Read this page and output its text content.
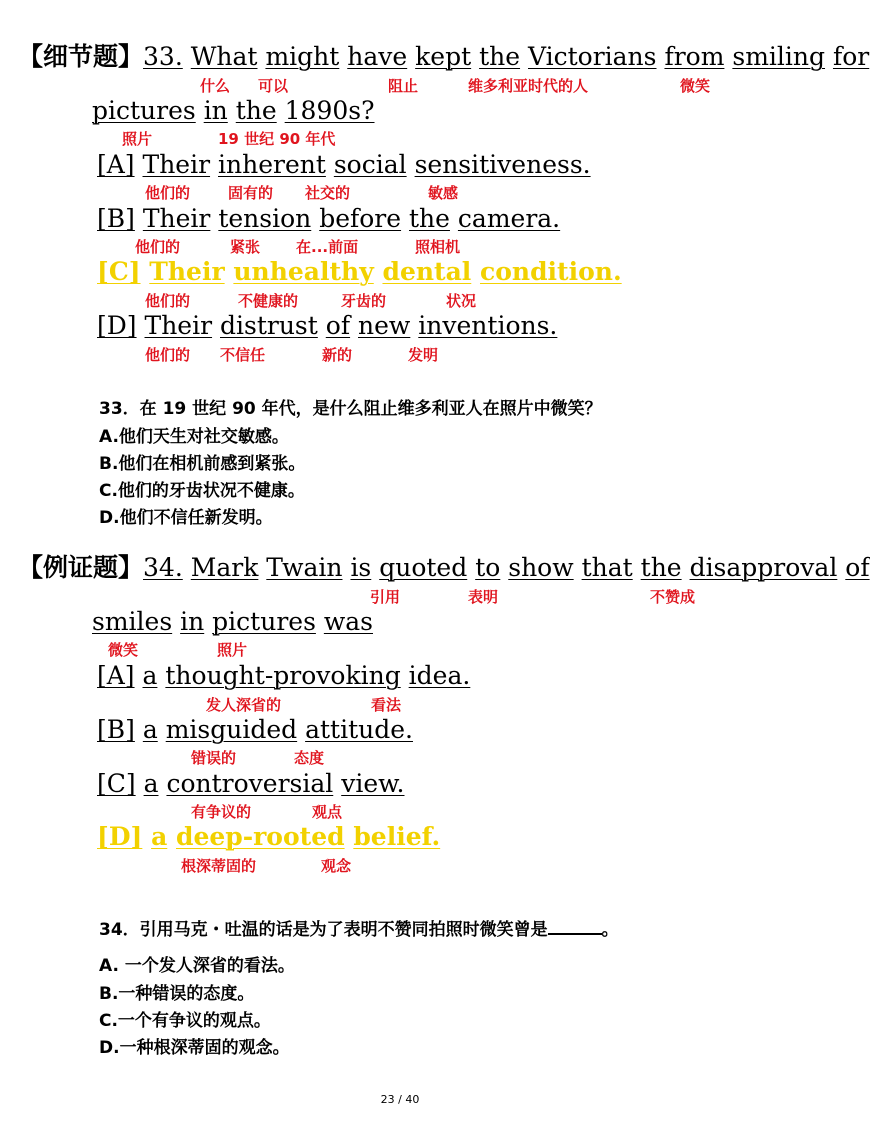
【细节题】33. What might have kept the Victorians from smiling for
什么 可以	阻止	维多利亚时代的人	微笑
pictures in the 1890s?
照片	19 世纪 90 年代
[A] Their inherent social sensitiveness.
他们的	固有的 社交的	敏感
[B] Their tension before the camera.
他们的	紧张 在...前面	照相机
[C] Their unhealthy dental condition.
他们的	不健康的	牙齿的	状况
[D] Their distrust of new inventions.
他们的 不信任	新的	发明
33．在 19 世纪 90 年代，是什么阻止维多利亚人在照片中微笑？
A.他们天生对社交敏感。
B.他们在相机前感到紧张。
C.他们的牙齿状况不健康。
D.他们不信任新发明。
【例证题】34. Mark Twain is quoted to show that the disapproval of
引用	表明	不赞成
smiles in pictures was
微笑	照片
[A] a thought-provoking idea.
发人深省的	看法
[B] a misguided attitude.
错误的	态度
[C] a controversial view.
有争议的	观点
[D] a deep-rooted belief.
根深蒂固的	观念
34．引用马克・吐温的话是为了表明不赞同拍照时微笑曾是	。
A. 一个发人深省的看法。
B.一种错误的态度。
C.一个有争议的观点。
D.一种根深蒂固的观念。
23 / 40
